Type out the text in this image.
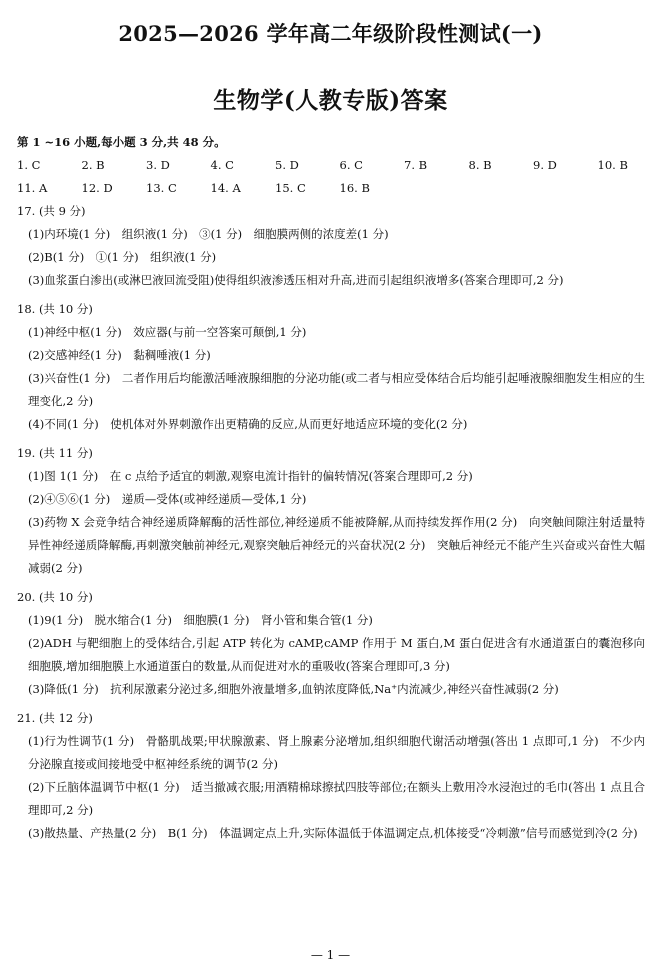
2025—2026 学年高二年级阶段性测试(一)
生物学(人教专版)答案
第 1 ~16 小题,每小题 3 分,共 48 分。
1. C	2. B	3. D	4. C	5. D	6. C	7. B	8. B	9. D	10. B
11. A	12. D	13. C	14. A	15. C	16. B
17. (共 9 分)
(1)内环境(1 分)　组织液(1 分)　③(1 分)　细胞膜两侧的浓度差(1 分)
(2)B(1 分)　①(1 分)　组织液(1 分)
(3)血浆蛋白渗出(或淋巴液回流受阻)使得组织液渗透压相对升高,进而引起组织液增多(答案合理即可,2 分)
18. (共 10 分)
(1)神经中枢(1 分)　效应器(与前一空答案可颠倒,1 分)
(2)交感神经(1 分)　黏稠唾液(1 分)
(3)兴奋性(1 分)　二者作用后均能激活唾液腺细胞的分泌功能(或二者与相应受体结合后均能引起唾液腺细胞发生相应的生理变化,2 分)
(4)不同(1 分)　使机体对外界刺激作出更精确的反应,从而更好地适应环境的变化(2 分)
19. (共 11 分)
(1)图 1(1 分)　在 c 点给予适宜的刺激,观察电流计指针的偏转情况(答案合理即可,2 分)
(2)④⑤⑥(1 分)　递质—受体(或神经递质—受体,1 分)
(3)药物 X 会竞争结合神经递质降解酶的活性部位,神经递质不能被降解,从而持续发挥作用(2 分)　向突触间隙注射适量特异性神经递质降解酶,再刺激突触前神经元,观察突触后神经元的兴奋状况(2 分)　突触后神经元不能产生兴奋或兴奋性大幅减弱(2 分)
20. (共 10 分)
(1)9(1 分)　脱水缩合(1 分)　细胞膜(1 分)　肾小管和集合管(1 分)
(2)ADH 与靶细胞上的受体结合,引起 ATP 转化为 cAMP,cAMP 作用于 M 蛋白,M 蛋白促进含有水通道蛋白的囊泡移向细胞膜,增加细胞膜上水通道蛋白的数量,从而促进对水的重吸收(答案合理即可,3 分)
(3)降低(1 分)　抗利尿激素分泌过多,细胞外液量增多,血钠浓度降低,Na⁺内流减少,神经兴奋性减弱(2 分)
21. (共 12 分)
(1)行为性调节(1 分)　骨骼肌战栗;甲状腺激素、肾上腺素分泌增加,组织细胞代谢活动增强(答出 1 点即可,1 分)　不少内分泌腺直接或间接地受中枢神经系统的调节(2 分)
(2)下丘脑体温调节中枢(1 分)　适当撤减衣服;用酒精棉球擦拭四肢等部位;在额头上敷用冷水浸泡过的毛巾(答出 1 点且合理即可,2 分)
(3)散热量、产热量(2 分)　B(1 分)　体温调定点上升,实际体温低于体温调定点,机体接受“冷刺激”信号而感觉到冷(2 分)
— 1 —
